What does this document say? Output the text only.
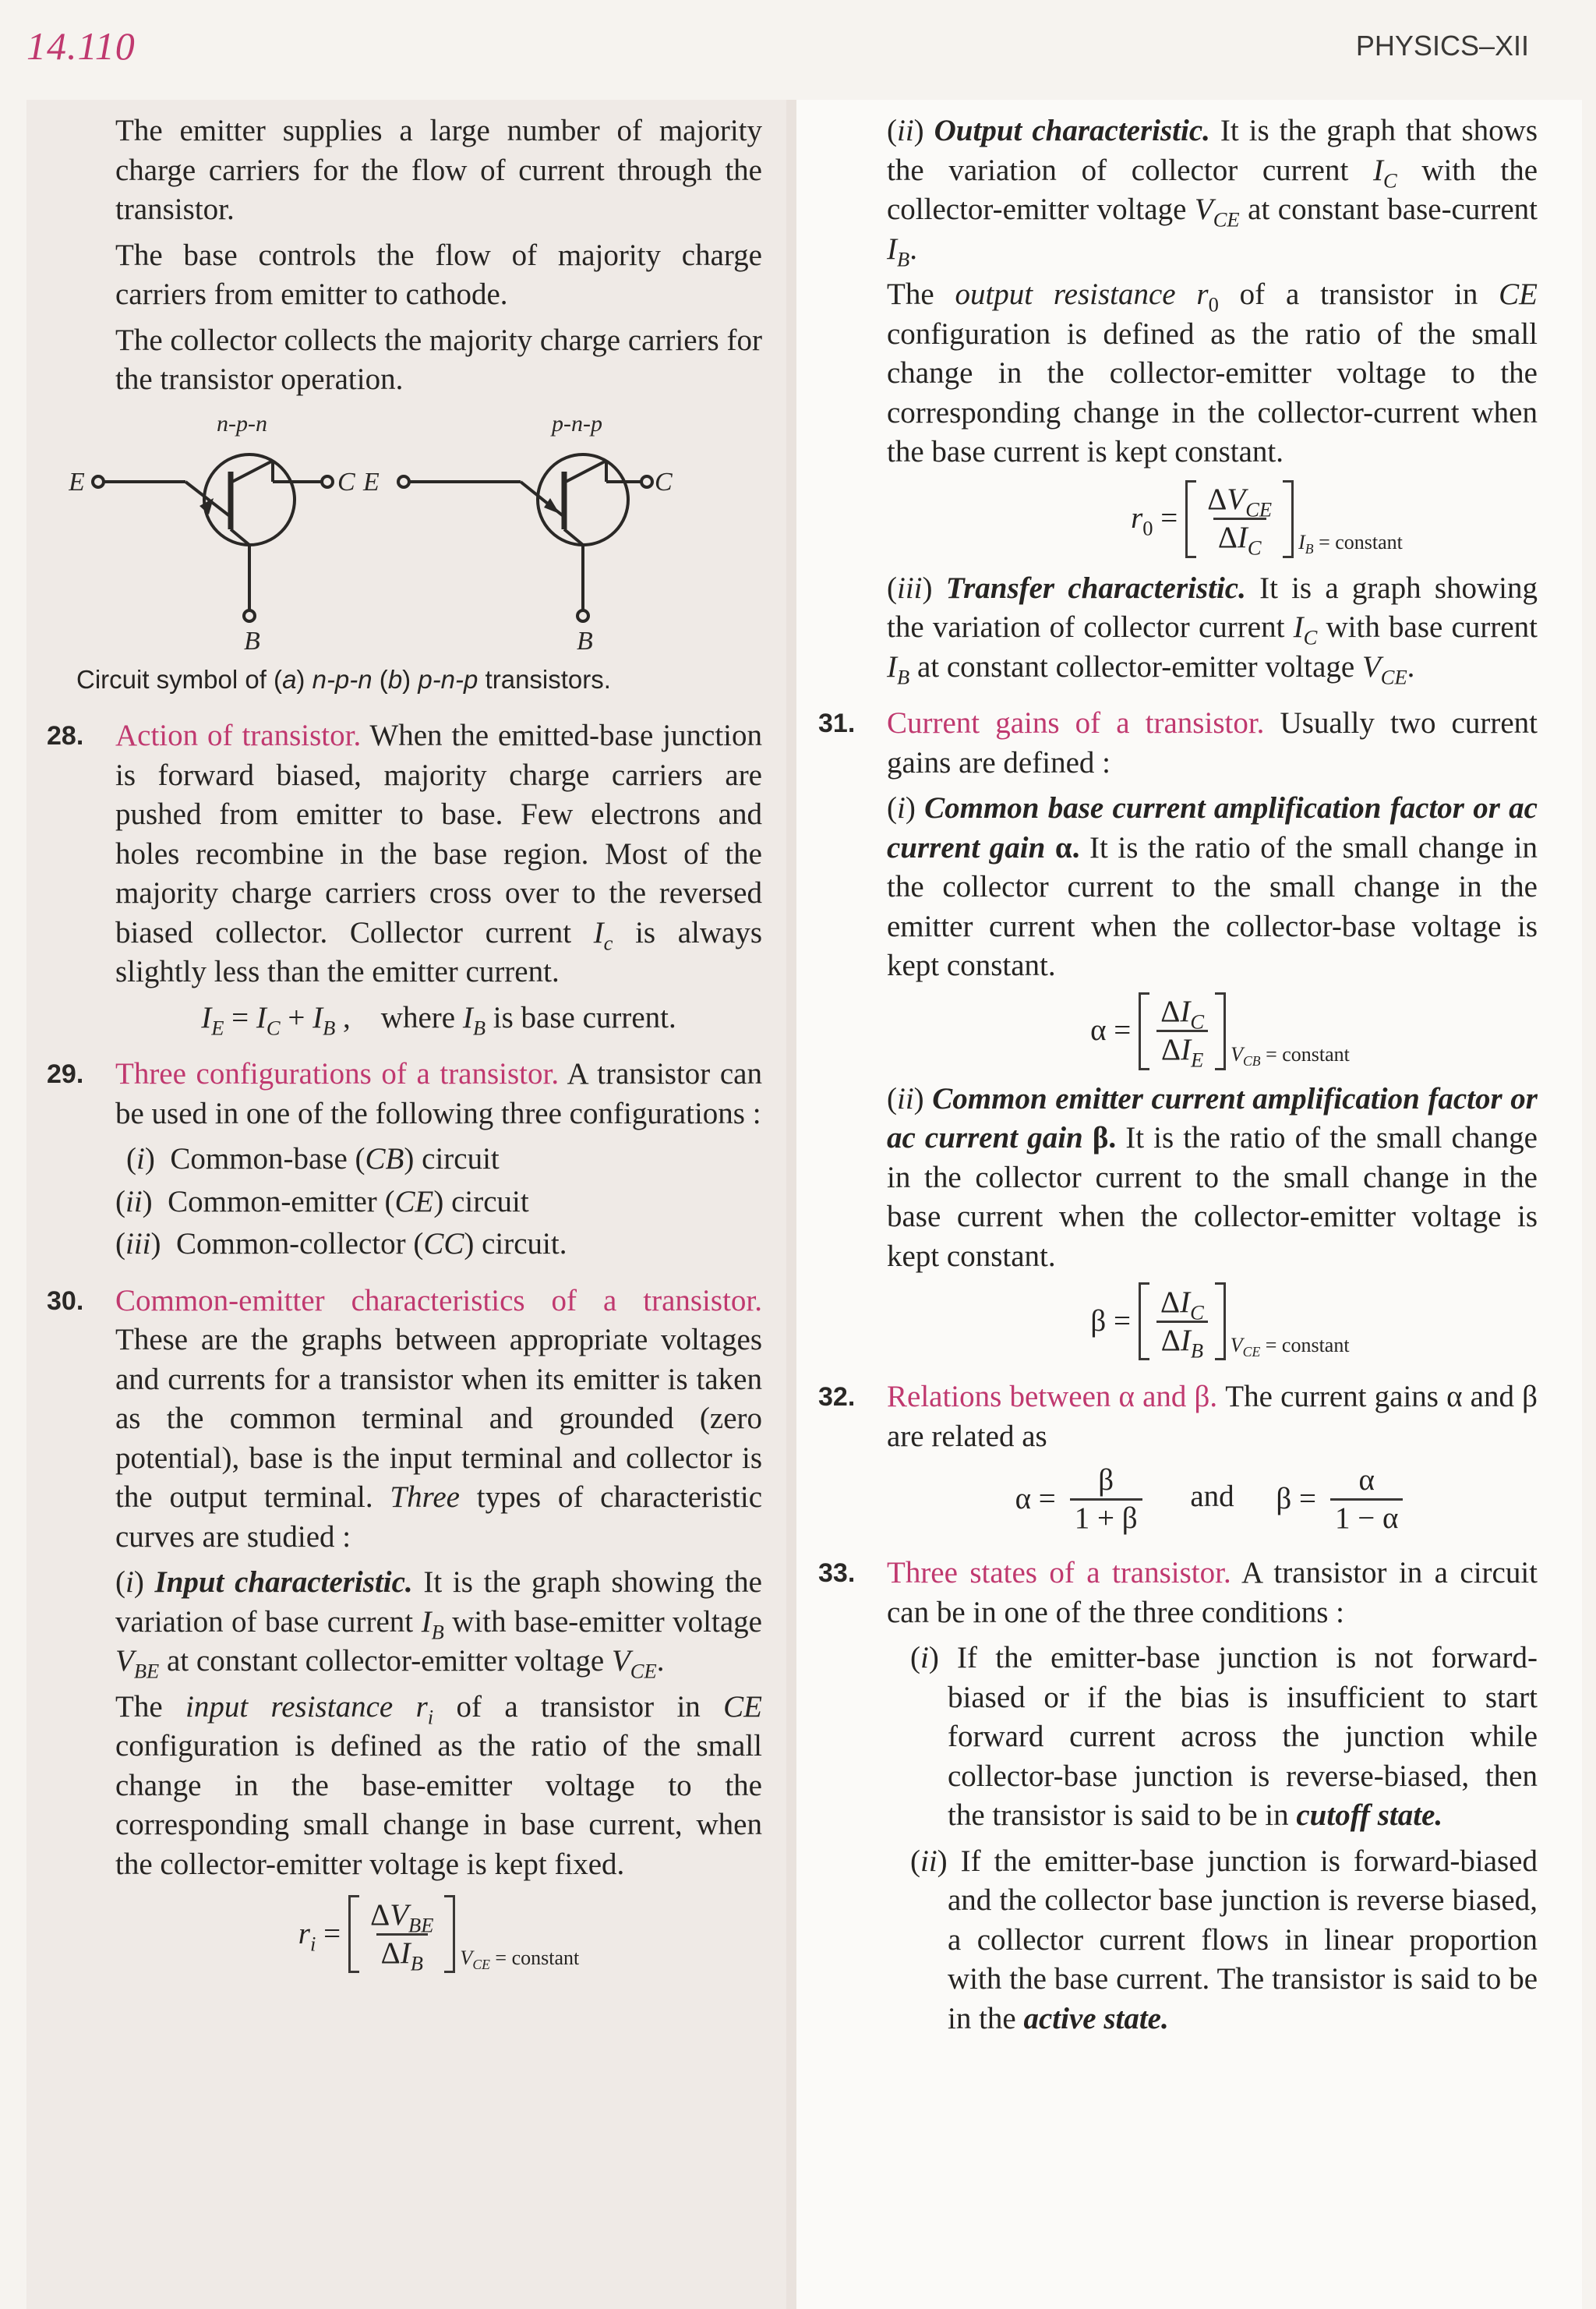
14.110	PHYSICS–XII

The emitter supplies a large number of majority charge carriers for the flow of current through the transistor.

The base controls the flow of majority charge carriers from emitter to cathode.

The collector collects the majority charge carriers for the transistor operation.

n-p-n	p-n-p
E	C E	C
B	B
Circuit symbol of (a) n-p-n (b) p-n-p transistors.
28. Action of transistor. When the emitted-base junction is forward biased, majority charge carriers are pushed from emitter to base. Few electrons and holes recombine in the base region. Most of the majority charge carriers cross over to the reversed biased collector. Collector current $I_c$ is always slightly less than the emitter current.

$I_E = I_C + I_B$ ,    where $I_B$ is base current.

29. Three configurations of a transistor. A transistor can be used in one of the following three configurations :

(i)  Common-base (CB) circuit

(ii)  Common-emitter (CE) circuit

(iii)  Common-collector (CC) circuit.

30. Common-emitter characteristics of a transistor. These are the graphs between appropriate voltages and currents for a transistor when its emitter is taken as the common terminal and grounded (zero potential), base is the input terminal and collector is the output terminal. Three types of characteristic curves are studied :

(i) Input characteristic. It is the graph showing the variation of base current $I_B$ with base-emitter voltage $V_{BE}$ at constant collector-emitter voltage $V_{CE}$.

The input resistance $r_i$ of a transistor in CE configuration is defined as the ratio of the small change in the base-emitter voltage to the corresponding small change in base current, when the collector-emitter voltage is kept fixed.

$r_i = \frac{\Delta V_{BE}}{\Delta I_B} V_{CE}$ = constant

(ii) Output characteristic. It is the graph that shows the variation of collector current $I_C$ with the collector-emitter voltage $V_{CE}$ at constant base-current $I_B$.

The output resistance $r_0$ of a transistor in CE configuration is defined as the ratio of the small change in the collector-emitter voltage to the corresponding change in the collector-current when the base current is kept constant.

$r_0 = \frac{\Delta V_{CE}}{\Delta I_C} I_B$ = constant

(iii) Transfer characteristic. It is a graph showing the variation of collector current $I_C$ with base current $I_B$ at constant collector-emitter voltage $V_{CE}$.

31. Current gains of a transistor. Usually two current gains are defined :

(i) Common base current amplification factor or ac current gain α. It is the ratio of the small change in the collector current to the small change in the emitter current when the collector-base voltage is kept constant.

$\alpha = \frac{\Delta I_C}{\Delta I_E} V_{CB}$ = constant

(ii) Common emitter current amplification factor or ac current gain β. It is the ratio of the small change in the collector current to the small change in the base current when the collector-emitter voltage is kept constant.

$\beta = \frac{\Delta I_C}{\Delta I_B} V_{CE}$ = constant
32. Relations between α and β. The current gains α and β are related as

$\alpha = \frac{\beta}{1 + \beta}$ and $\beta = \frac{\alpha}{1 - \alpha}$
33. Three states of a transistor. A transistor in a circuit can be in one of the three conditions :

(i) If the emitter-base junction is not forward-biased or if the bias is insufficient to start forward current across the junction while collector-base junction is reverse-biased, then the transistor is said to be in cutoff state.

(ii) If the emitter-base junction is forward-biased and the collector base junction is reverse biased, a collector current flows in linear proportion with the base current. The transistor is said to be in the active state.
